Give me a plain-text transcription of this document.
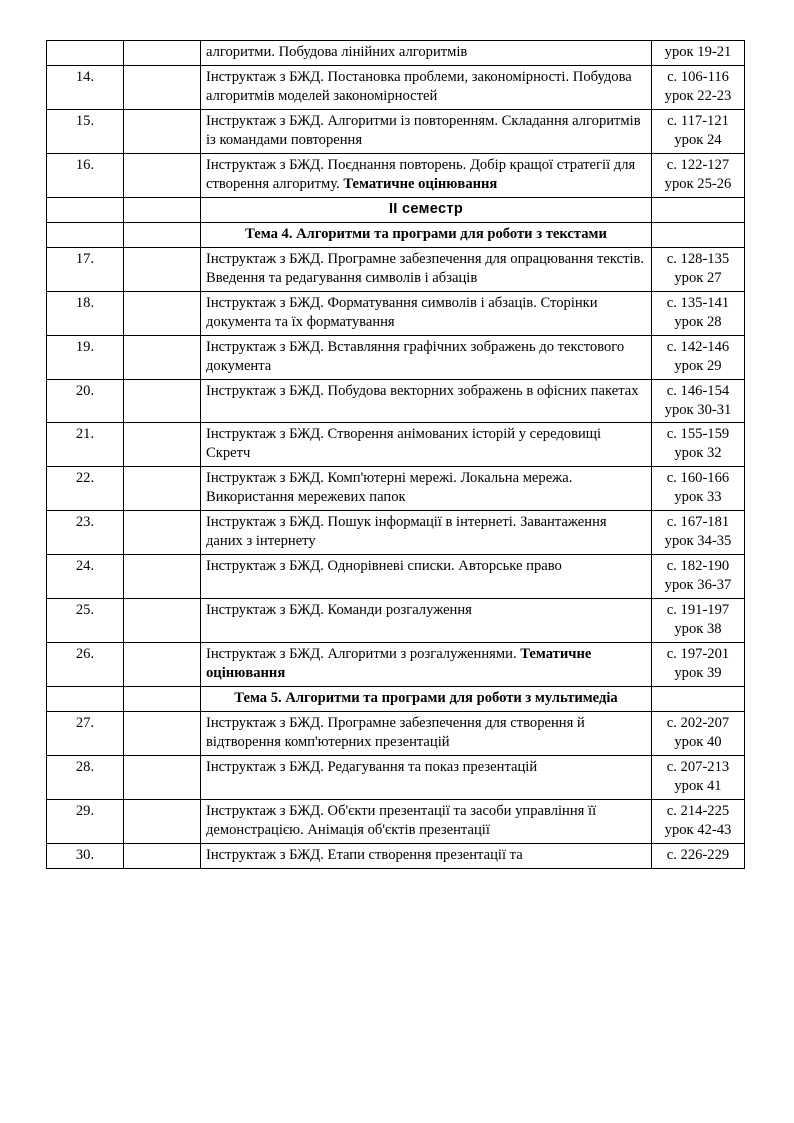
		алгоритми. Побудова лінійних алгоритмів	урок 19-21
14.		Інструктаж з БЖД. Постановка проблеми, закономірності. Побудова алгоритмів моделей закономірностей	с. 106-116 урок 22-23
15.		Інструктаж з БЖД. Алгоритми із повторенням. Складання алгоритмів із командами повторення	с. 117-121 урок 24
16.		Інструктаж з БЖД. Поєднання повторень. Добір кращої стратегії для створення алгоритму. Тематичне оцінювання	с. 122-127 урок 25-26
		II семестр	
		Тема 4. Алгоритми та програми для роботи з текстами	
17.		Інструктаж з БЖД. Програмне забезпечення для опрацювання текстів. Введення та редагування символів і абзаців	с. 128-135 урок 27
18.		Інструктаж з БЖД. Форматування символів і абзаців. Сторінки документа та їх форматування	с. 135-141 урок 28
19.		Інструктаж з БЖД. Вставляння графічних зображень до текстового документа	с. 142-146 урок 29
20.		Інструктаж з БЖД. Побудова векторних зображень в офісних пакетах	с. 146-154 урок 30-31
21.		Інструктаж з БЖД. Створення анімованих історій у середовищі Скретч	с. 155-159 урок 32
22.		Інструктаж з БЖД. Комп'ютерні мережі. Локальна мережа. Використання мережевих папок	с. 160-166 урок 33
23.		Інструктаж з БЖД. Пошук інформації в інтернеті. Завантаження даних з інтернету	с. 167-181 урок 34-35
24.		Інструктаж з БЖД. Однорівневі списки. Авторське право	с. 182-190 урок 36-37
25.		Інструктаж з БЖД. Команди розгалуження	с. 191-197 урок 38
26.		Інструктаж з БЖД. Алгоритми з розгалуженнями. Тематичне оцінювання	с. 197-201 урок 39
		Тема 5. Алгоритми та програми для роботи з мультимедіа	
27.		Інструктаж з БЖД. Програмне забезпечення для створення й відтворення комп'ютерних презентацій	с. 202-207 урок 40
28.		Інструктаж з БЖД. Редагування та показ презентацій	с. 207-213 урок 41
29.		Інструктаж з БЖД. Об'єкти презентації та засоби управління її демонстрацією. Анімація об'єктів презентації	с. 214-225 урок 42-43
30.		Інструктаж з БЖД. Етапи створення презентації та	с. 226-229
